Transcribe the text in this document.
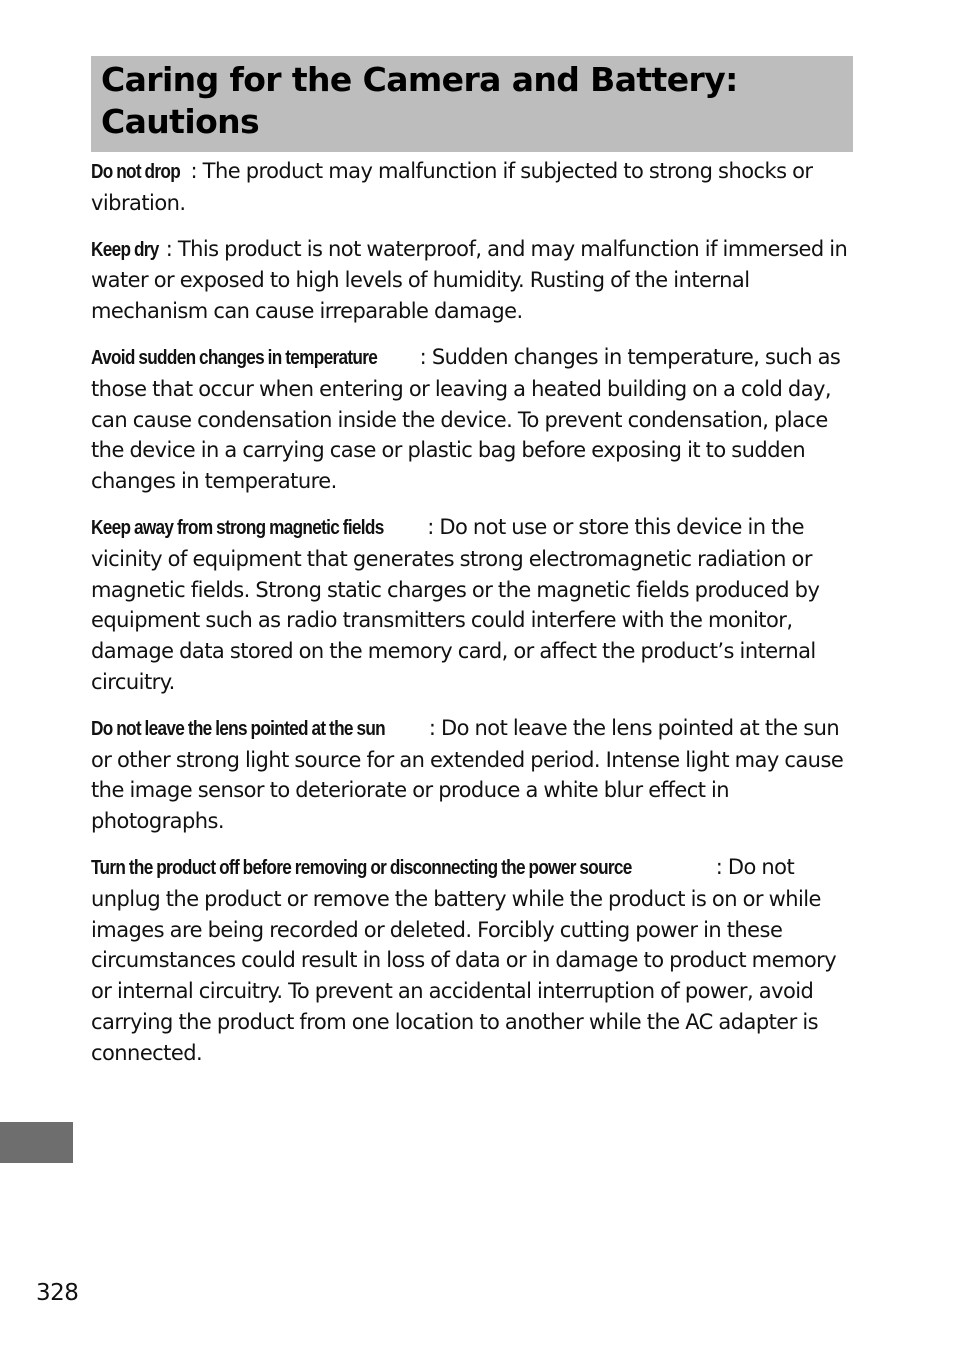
Caring for the Camera and Battery: Cautions

Do not drop : The product may malfunction if subjected to strong shocks or vibration.

Keep dry : This product is not waterproof, and may malfunction if immersed in water or exposed to high levels of humidity. Rusting of the internal mechanism can cause irreparable damage.

Avoid sudden changes in temperature : Sudden changes in temperature, such as those that occur when entering or leaving a heated building on a cold day, can cause condensation inside the device. To prevent condensation, place the device in a carrying case or plastic bag before exposing it to sudden changes in temperature.

Keep away from strong magnetic fields : Do not use or store this device in the vicinity of equipment that generates strong electromagnetic radiation or magnetic fields. Strong static charges or the magnetic fields produced by equipment such as radio transmitters could interfere with the monitor, damage data stored on the memory card, or affect the product’s internal circuitry.

Do not leave the lens pointed at the sun : Do not leave the lens pointed at the sun or other strong light source for an extended period. Intense light may cause the image sensor to deteriorate or produce a white blur effect in photographs.

Turn the product off before removing or disconnecting the power source	: Do not unplug the product or remove the battery while the product is on or while images are being recorded or deleted. Forcibly cutting power in these circumstances could result in loss of data or in damage to product memory or internal circuitry. To prevent an accidental interruption of power, avoid carrying the product from one location to another while the AC adapter is connected.

328
